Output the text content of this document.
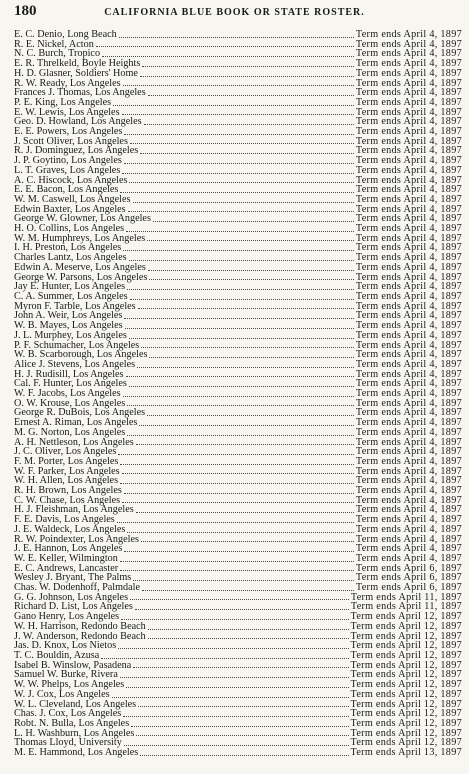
180	CALIFORNIA BLUE BOOK OR STATE ROSTER.
E. C. Denio, Long Beach	Term ends April 4, 1897
R. E. Nickel, Acton	Term ends April 4, 1897
N. C. Burch, Tropico	Term ends April 4, 1897
E. R. Threlkeld, Boyle Heights	Term ends April 4, 1897
H. D. Glasner, Soldiers' Home	Term ends April 4, 1897
R. W. Ready, Los Angeles	Term ends April 4, 1897
Frances J. Thomas, Los Angeles	Term ends April 4, 1897
P. E. King, Los Angeles	Term ends April 4, 1897
E. W. Lewis, Los Angeles	Term ends April 4, 1897
Geo. D. Howland, Los Angeles	Term ends April 4, 1897
E. E. Powers, Los Angeles	Term ends April 4, 1897
J. Scott Oliver, Los Angeles	Term ends April 4, 1897
R. J. Dominguez, Los Angeles	Term ends April 4, 1897
J. P. Goytino, Los Angeles	Term ends April 4, 1897
L. T. Graves, Los Angeles	Term ends April 4, 1897
A. C. Hiscock, Los Angeles	Term ends April 4, 1897
E. E. Bacon, Los Angeles	Term ends April 4, 1897
W. M. Caswell, Los Angeles	Term ends April 4, 1897
Edwin Baxter, Los Angeles	Term ends April 4, 1897
George W. Glowner, Los Angeles	Term ends April 4, 1897
H. O. Collins, Los Angeles	Term ends April 4, 1897
W. M. Humphreys, Los Angeles	Term ends April 4, 1897
I. H. Preston, Los Angeles	Term ends April 4, 1897
Charles Lantz, Los Angeles	Term ends April 4, 1897
Edwin A. Meserve, Los Angeles	Term ends April 4, 1897
George W. Parsons, Los Angeles	Term ends April 4, 1897
Jay E. Hunter, Los Angeles	Term ends April 4, 1897
C. A. Summer, Los Angeles	Term ends April 4, 1897
Myron F. Tarble, Los Angeles	Term ends April 4, 1897
John A. Weir, Los Angeles	Term ends April 4, 1897
W. B. Mayes, Los Angeles	Term ends April 4, 1897
J. L. Murphey, Los Angeles	Term ends April 4, 1897
P. F. Schumacher, Los Angeles	Term ends April 4, 1897
W. B. Scarborough, Los Angeles	Term ends April 4, 1897
Alice J. Stevens, Los Angeles	Term ends April 4, 1897
H. J. Rudisill, Los Angeles	Term ends April 4, 1897
Cal. F. Hunter, Los Angeles	Term ends April 4, 1897
W. F. Jacobs, Los Angeles	Term ends April 4, 1897
O. W. Krouse, Los Angeles	Term ends April 4, 1897
George R. DuBois, Los Angeles	Term ends April 4, 1897
Ernest A. Riman, Los Angeles	Term ends April 4, 1897
M. G. Norton, Los Angeles	Term ends April 4, 1897
A. H. Nettleson, Los Angeles	Term ends April 4, 1897
J. C. Oliver, Los Angeles	Term ends April 4, 1897
F. M. Porter, Los Angeles	Term ends April 4, 1897
W. F. Parker, Los Angeles	Term ends April 4, 1897
W. H. Allen, Los Angeles	Term ends April 4, 1897
R. H. Brown, Los Angeles	Term ends April 4, 1897
C. W. Chase, Los Angeles	Term ends April 4, 1897
H. J. Fleishman, Los Angeles	Term ends April 4, 1897
F. E. Davis, Los Angeles	Term ends April 4, 1897
J. E. Waldeck, Los Angeles	Term ends April 4, 1897
R. W. Poindexter, Los Angeles	Term ends April 4, 1897
J. E. Hannon, Los Angeles	Term ends April 4, 1897
W. E. Keller, Wilmington	Term ends April 4, 1897
E. C. Andrews, Lancaster	Term ends April 6, 1897
Wesley J. Bryant, The Palms	Term ends April 6, 1897
Chas. W. Dodenhoff, Palmdale	Term ends April 6, 1897
G. G. Johnson, Los Angeles	Term ends April 11, 1897
Richard D. List, Los Angeles	Term ends April 11, 1897
Gano Henry, Los Angeles	Term ends April 12, 1897
W. H. Harrison, Redondo Beach	Term ends April 12, 1897
J. W. Anderson, Redondo Beach	Term ends April 12, 1897
Jas. D. Knox, Los Nietos	Term ends April 12, 1897
T. C. Bouldin, Azusa	Term ends April 12, 1897
Isabel B. Winslow, Pasadena	Term ends April 12, 1897
Samuel W. Burke, Rivera	Term ends April 12, 1897
W. W. Phelps, Los Angeles	Term ends April 12, 1897
W. J. Cox, Los Angeles	Term ends April 12, 1897
W. L. Cleveland, Los Angeles	Term ends April 12, 1897
Chas. J. Cox, Los Angeles	Term ends April 12, 1897
Robt. N. Bulla, Los Angeles	Term ends April 12, 1897
L. H. Washburn, Los Angeles	Term ends April 12, 1897
Thomas Lloyd, University	Term ends April 12, 1897
M. E. Hammond, Los Angeles	Term ends April 13, 1897
